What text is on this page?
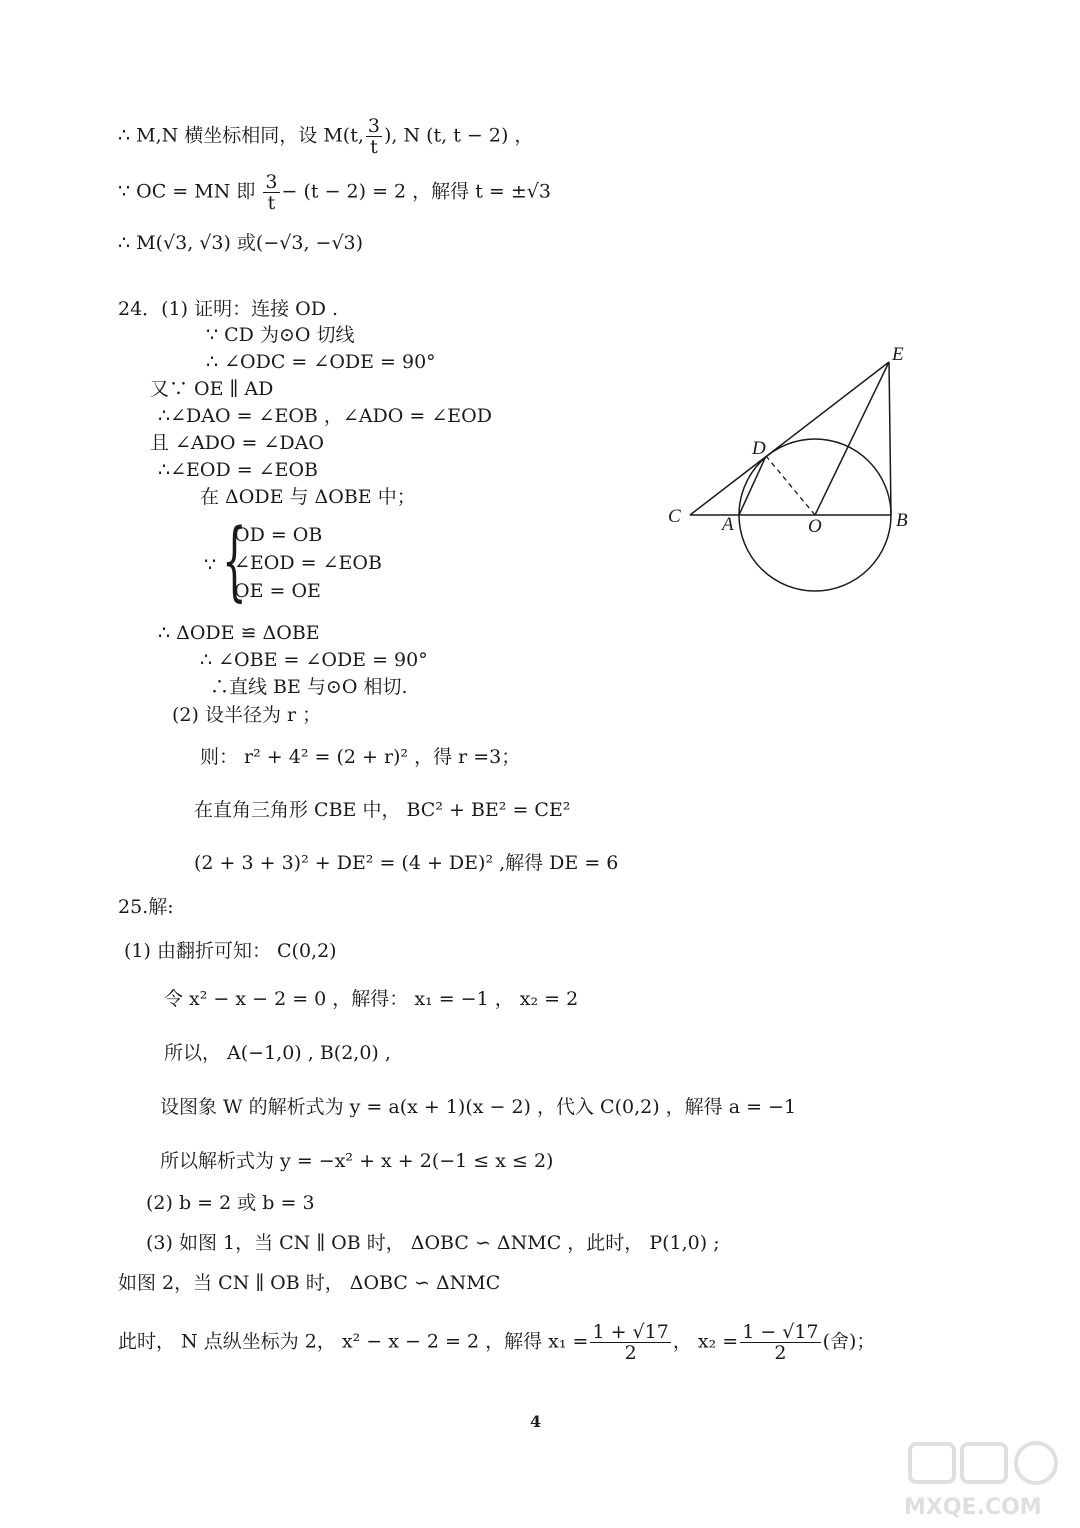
∴ M,N 横坐标相同，设 M(t, $\frac{3}{t}$ ), N (t, t − 2) ，
∵ OC = MN 即 $\frac{3}{t} - (t - 2) = 2$ ，解得 t = ±√3
∴ M(√3, √3) 或(−√3, −√3)
24．(1) 证明：连接 OD .
∵ CD 为⊙O 切线
∴ ∠ODC = ∠ODE = 90°
又∵ OE ∥ AD
∴∠DAO = ∠EOB ，∠ADO = ∠EOD
且 ∠ADO = ∠DAO
∴∠EOD = ∠EOB
在 ΔODE 与 ΔOBE 中；
∵ {
OD = OB
∠EOD = ∠EOB
OE = OE
∴ ΔODE ≌ ΔOBE
∴ ∠OBE = ∠ODE = 90°
∴直线 BE 与⊙O 相切.
(2) 设半径为 r ；
则： r² + 4² = (2 + r)² ，得 r =3；
在直角三角形 CBE 中， BC² + BE² = CE²
(2 + 3 + 3)² + DE² = (4 + DE)² ,解得 DE = 6
25.解:
(1) 由翻折可知： C(0,2)
令 x² − x − 2 = 0 ，解得： x₁ = −1 ， x₂ = 2
所以， A(−1,0) , B(2,0) ,
设图象 W 的解析式为 y = a(x + 1)(x − 2) ，代入 C(0,2) ，解得 a = −1
所以解析式为 y = −x² + x + 2(−1 ≤ x ≤ 2)
(2) b = 2 或 b = 3
(3) 如图 1，当 CN ∥ OB 时， ΔOBC ∽ ΔNMC ，此时， P(1,0) ;
如图 2，当 CN ∥ OB 时， ΔOBC ∽ ΔNMC
此时， N 点纵坐标为 2， x² − x − 2 = 2 ，解得 $x_1 = \frac{1 + √17}{2}$ ， $x_2 = \frac{1 - √17}{2}$ (舍)；
E
D
C A	O	B
4
MXQE.COM
